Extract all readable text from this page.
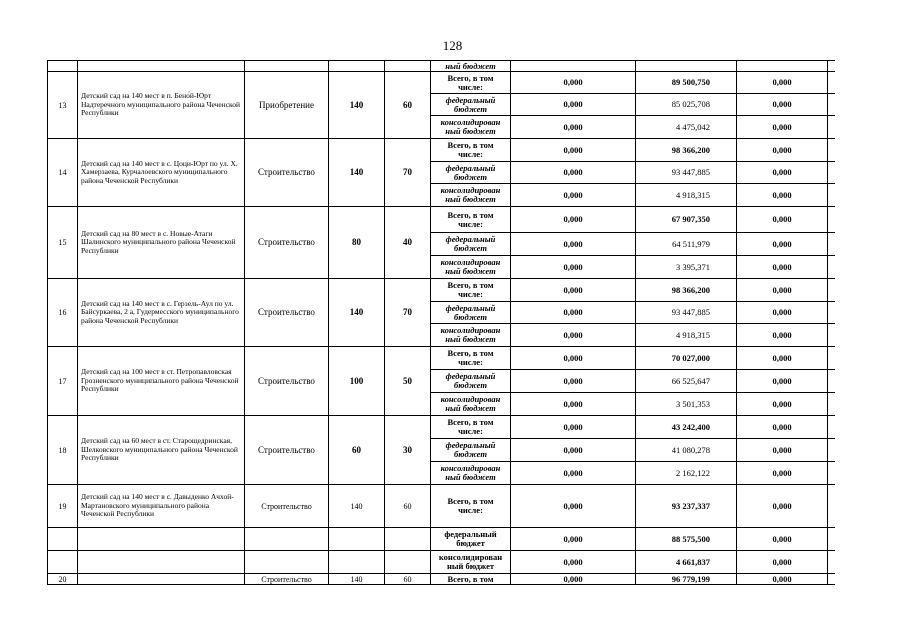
128
					ный бюджет				
13	Детский сад на 140 мест в п. Бено́й-Юрт Надтеречного муниципального района Чеченской Республики	Приобретение	140	60	Всего, в том числе:	0,000	89 500,750	0,000	
					федеральный бюджет	0,000	85 025,708	0,000	
					консолидирован ный бюджет	0,000	4 475,042	0,000	
14	Детский сад на 140 мест в с. Цоци-Юрт по ул. Х. Хамерзаева, Курчалоевского муниципального района Чеченской Республики	Строительство	140	70	Всего, в том числе:	0,000	98 366,200	0,000	
					федеральный бюджет	0,000	93 447,885	0,000	
					консолидирован ный бюджет	0,000	4 918,315	0,000	
15	Детский сад на 80 мест в с. Новые-Атаги Шалинского муниципального района Чеченской Республики	Строительство	80	40	Всего, в том числе:	0,000	67 907,350	0,000	
					федеральный бюджет	0,000	64 511,979	0,000	
					консолидирован ный бюджет	0,000	3 395,371	0,000	
16	Детский сад на 140 мест в с. Герзель-Аул по ул. Байсуркаева, 2 а, Гудермесского муниципального района Чеченской Республики	Строительство	140	70	Всего, в том числе:	0,000	98 366,200	0,000	
					федеральный бюджет	0,000	93 447,885	0,000	
					консолидирован ный бюджет	0,000	4 918,315	0,000	
17	Детский сад на 100 мест в ст. Петропавловская Грозненского муниципального района Чеченской Республики	Строительство	100	50	Всего, в том числе:	0,000	70 027,000	0,000	
					федеральный бюджет	0,000	66 525,647	0,000	
					консолидирован ный бюджет	0,000	3 501,353	0,000	
18	Детский сад на 60 мест в ст. Старощедринская, Шелковского муниципального района Чеченской Республики	Строительство	60	30	Всего, в том числе:	0,000	43 242,400	0,000	
					федеральный бюджет	0,000	41 080,278	0,000	
					консолидирован ный бюджет	0,000	2 162,122	0,000	
19	Детский сад на 140 мест в с. Давыденко Ачхой-Мартановского муниципального района Чеченской Республики	Строительство	140	60	Всего, в том числе:	0,000	93 237,337	0,000	
					федеральный бюджет	0,000	88 575,500	0,000	
					консолидирован ный бюджет	0,000	4 661,837	0,000	
20		Строительство	140	60	Всего, в том	0,000	96 779,199	0,000	
